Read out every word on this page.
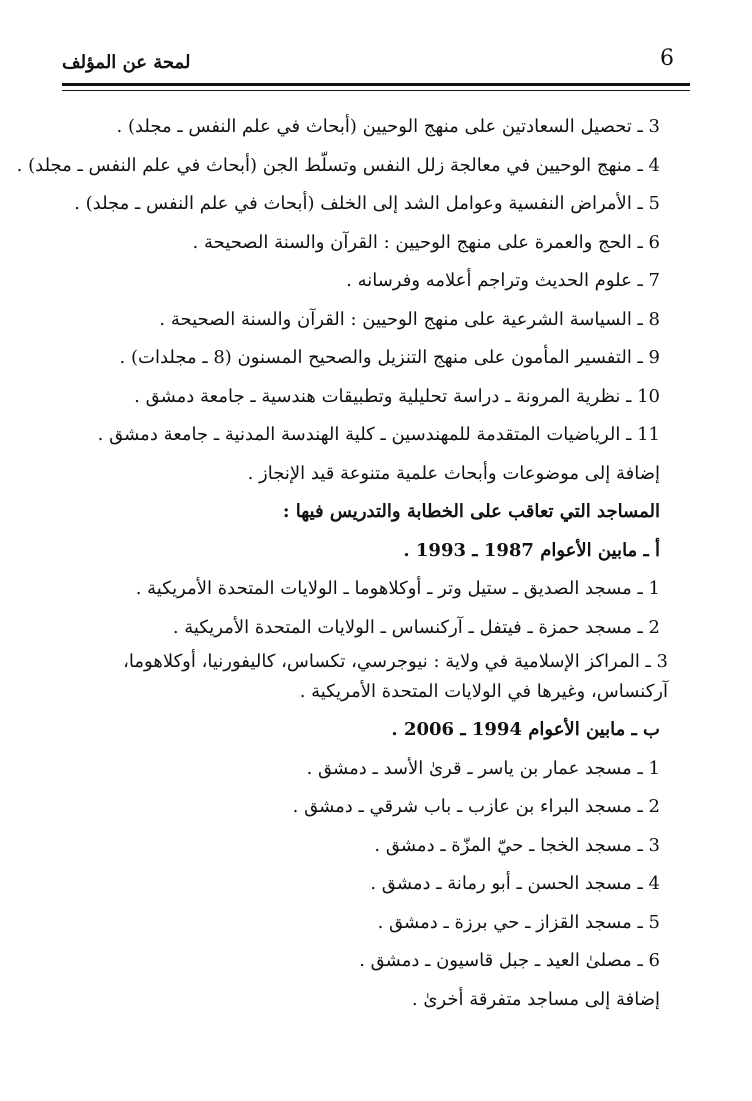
6
لمحة عن المؤلف
3 ـ تحصيل السعادتين على منهج الوحيين (أبحاث في علم النفس ـ مجلد) .
4 ـ منهج الوحيين في معالجة زلل النفس وتسلّط الجن (أبحاث في علم النفس ـ مجلد) .
5 ـ الأمراض النفسية وعوامل الشد إلى الخلف (أبحاث في علم النفس ـ مجلد) .
6 ـ الحج والعمرة على منهج الوحيين : القرآن والسنة الصحيحة .
7 ـ علوم الحديث وتراجم أعلامه وفرسانه .
8 ـ السياسة الشرعية على منهج الوحيين : القرآن والسنة الصحيحة .
9 ـ التفسير المأمون على منهج التنزيل والصحيح المسنون (8 ـ مجلدات) .
10 ـ نظرية المرونة ـ دراسة تحليلية وتطبيقات هندسية ـ جامعة دمشق .
11 ـ الرياضيات المتقدمة للمهندسين ـ كلية الهندسة المدنية ـ جامعة دمشق .
إضافة إلى موضوعات وأبحاث علمية متنوعة قيد الإنجاز .
المساجد التي تعاقب على الخطابة والتدريس فيها :
أ ـ مابين الأعوام 1987 ـ 1993 .
1 ـ مسجد الصديق ـ ستيل وتر ـ أوكلاهوما ـ الولايات المتحدة الأمريكية .
2 ـ مسجد حمزة ـ فيتفل ـ آركنساس ـ الولايات المتحدة الأمريكية .
3 ـ المراكز الإسلامية في ولاية : نيوجرسي، تكساس، كاليفورنيا، أوكلاهوما،
آركنساس، وغيرها في الولايات المتحدة الأمريكية .
ب ـ مابين الأعوام 1994 ـ 2006 .
1 ـ مسجد عمار بن ياسر ـ قرىٰ الأسد ـ دمشق .
2 ـ مسجد البراء بن عازب ـ باب شرقي ـ دمشق .
3 ـ مسجد الخجا ـ حيّ المزّة ـ دمشق .
4 ـ مسجد الحسن ـ أبو رمانة ـ دمشق .
5 ـ مسجد القزاز ـ حي برزة ـ دمشق .
6 ـ مصلىٰ العيد ـ جبل قاسيون ـ دمشق .
إضافة إلى مساجد متفرقة أخرىٰ .
